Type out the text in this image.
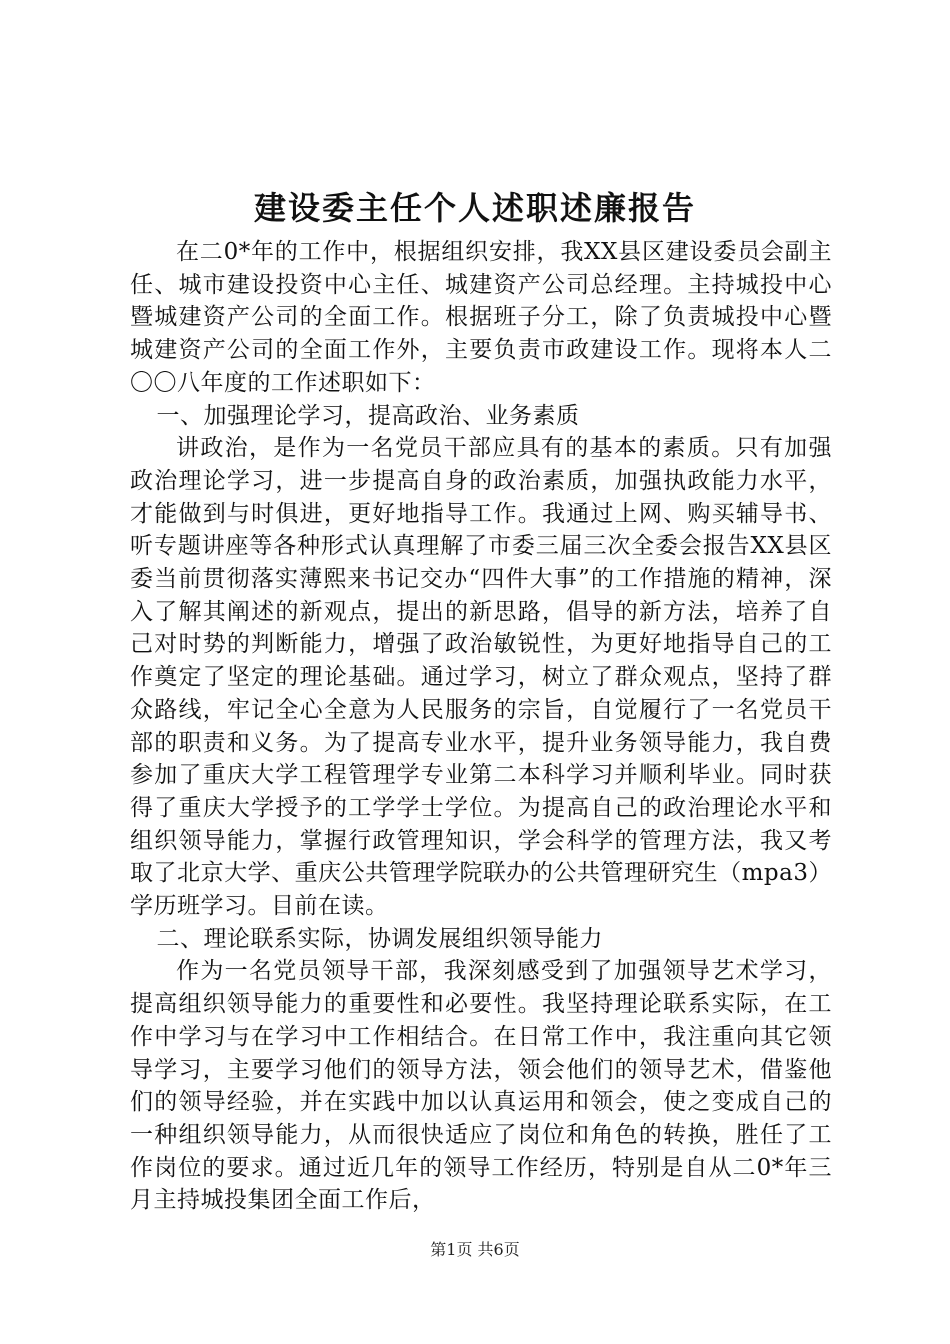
建设委主任个人述职述廉报告

在二0*年的工作中，根据组织安排，我XX县区建设委员会副主任、城市建设投资中心主任、城建资产公司总经理。主持城投中心暨城建资产公司的全面工作。根据班子分工，除了负责城投中心暨城建资产公司的全面工作外，主要负责市政建设工作。现将本人二〇〇八年度的工作述职如下：

一、加强理论学习，提高政治、业务素质

讲政治，是作为一名党员干部应具有的基本的素质。只有加强政治理论学习，进一步提高自身的政治素质，加强执政能力水平，才能做到与时俱进，更好地指导工作。我通过上网、购买辅导书、听专题讲座等各种形式认真理解了市委三届三次全委会报告XX县区委当前贯彻落实薄熙来书记交办“四件大事”的工作措施的精神，深入了解其阐述的新观点，提出的新思路，倡导的新方法，培养了自己对时势的判断能力，增强了政治敏锐性，为更好地指导自己的工作奠定了坚定的理论基础。通过学习，树立了群众观点，坚持了群众路线，牢记全心全意为人民服务的宗旨，自觉履行了一名党员干部的职责和义务。为了提高专业水平，提升业务领导能力，我自费参加了重庆大学工程管理学专业第二本科学习并顺利毕业。同时获得了重庆大学授予的工学学士学位。为提高自己的政治理论水平和组织领导能力，掌握行政管理知识，学会科学的管理方法，我又考取了北京大学、重庆公共管理学院联办的公共管理研究生（mpa3）学历班学习。目前在读。

二、理论联系实际，协调发展组织领导能力

作为一名党员领导干部，我深刻感受到了加强领导艺术学习，提高组织领导能力的重要性和必要性。我坚持理论联系实际，在工作中学习与在学习中工作相结合。在日常工作中，我注重向其它领导学习，主要学习他们的领导方法，领会他们的领导艺术，借鉴他们的领导经验，并在实践中加以认真运用和领会，使之变成自己的一种组织领导能力，从而很快适应了岗位和角色的转换，胜任了工作岗位的要求。通过近几年的领导工作经历，特别是自从二0*年三月主持城投集团全面工作后，

第1页 共6页
